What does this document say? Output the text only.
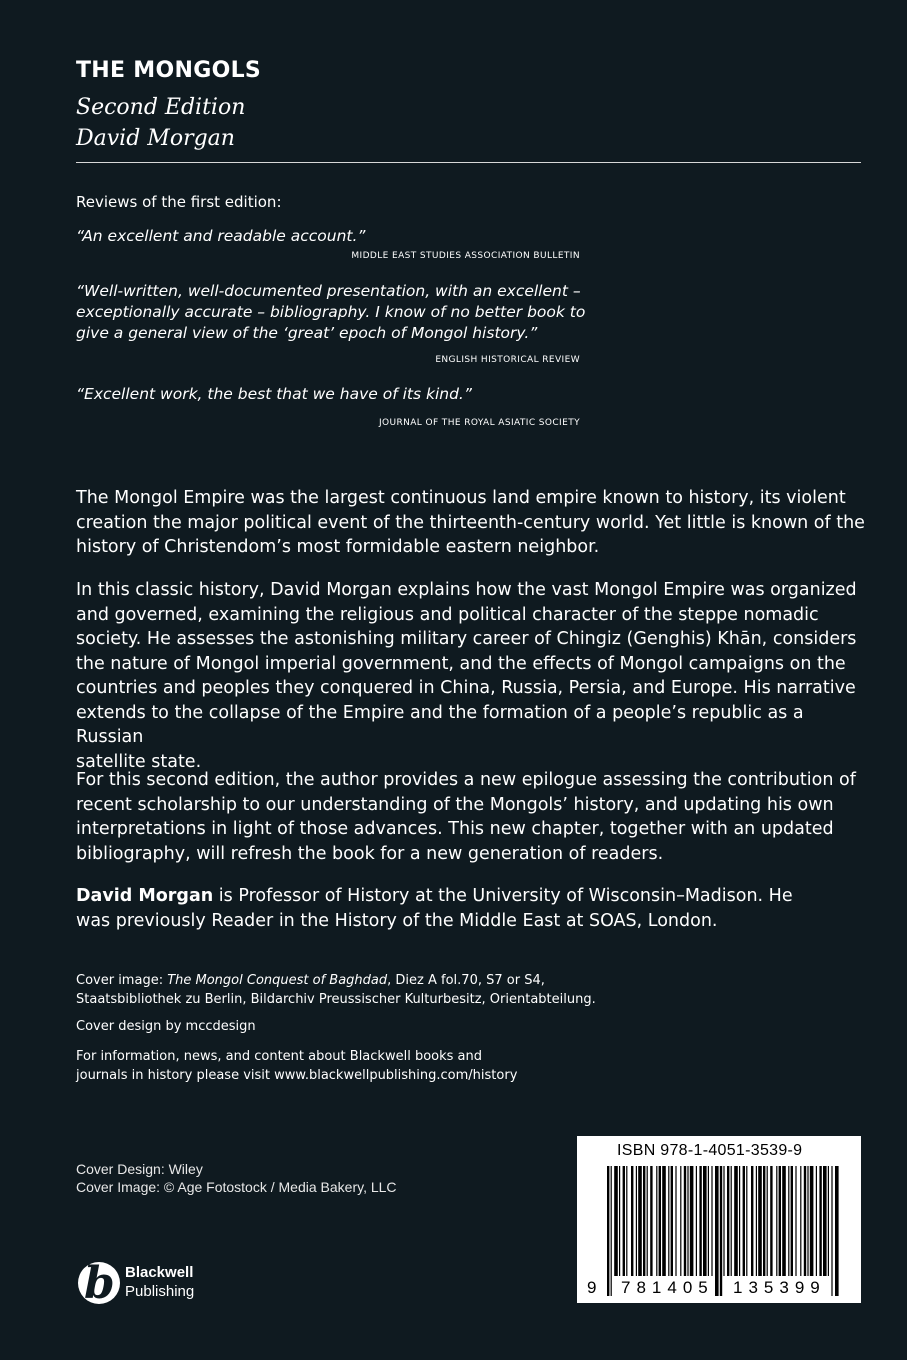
THE MONGOLS
Second Edition
David Morgan
Reviews of the first edition:
“An excellent and readable account.”
MIDDLE EAST STUDIES ASSOCIATION BULLETIN
“Well-written, well-documented presentation, with an excellent –
exceptionally accurate – bibliography. I know of no better book to
give a general view of the ‘great’ epoch of Mongol history.”
ENGLISH HISTORICAL REVIEW
“Excellent work, the best that we have of its kind.”
JOURNAL OF THE ROYAL ASIATIC SOCIETY
The Mongol Empire was the largest continuous land empire known to history, its violent
creation the major political event of the thirteenth-century world. Yet little is known of the
history of Christendom’s most formidable eastern neighbor.
In this classic history, David Morgan explains how the vast Mongol Empire was organized
and governed, examining the religious and political character of the steppe nomadic
society. He assesses the astonishing military career of Chingiz (Genghis) Khān, considers
the nature of Mongol imperial government, and the effects of Mongol campaigns on the
countries and peoples they conquered in China, Russia, Persia, and Europe. His narrative
extends to the collapse of the Empire and the formation of a people’s republic as a Russian
satellite state.
For this second edition, the author provides a new epilogue assessing the contribution of
recent scholarship to our understanding of the Mongols’ history, and updating his own
interpretations in light of those advances. This new chapter, together with an updated
bibliography, will refresh the book for a new generation of readers.
David Morgan is Professor of History at the University of Wisconsin–Madison. He
was previously Reader in the History of the Middle East at SOAS, London.
Cover image: The Mongol Conquest of Baghdad, Diez A fol.70, S7 or S4,
Staatsbibliothek zu Berlin, Bildarchiv Preussischer Kulturbesitz, Orientabteilung.
Cover design by mccdesign
For information, news, and content about Blackwell books and
journals in history please visit www.blackwellpublishing.com/history
Cover Design: Wiley
Cover Image: © Age Fotostock / Media Bakery, LLC
ISBN 978-1-4051-3539-9
9 781405 135399
b Blackwell
Publishing
